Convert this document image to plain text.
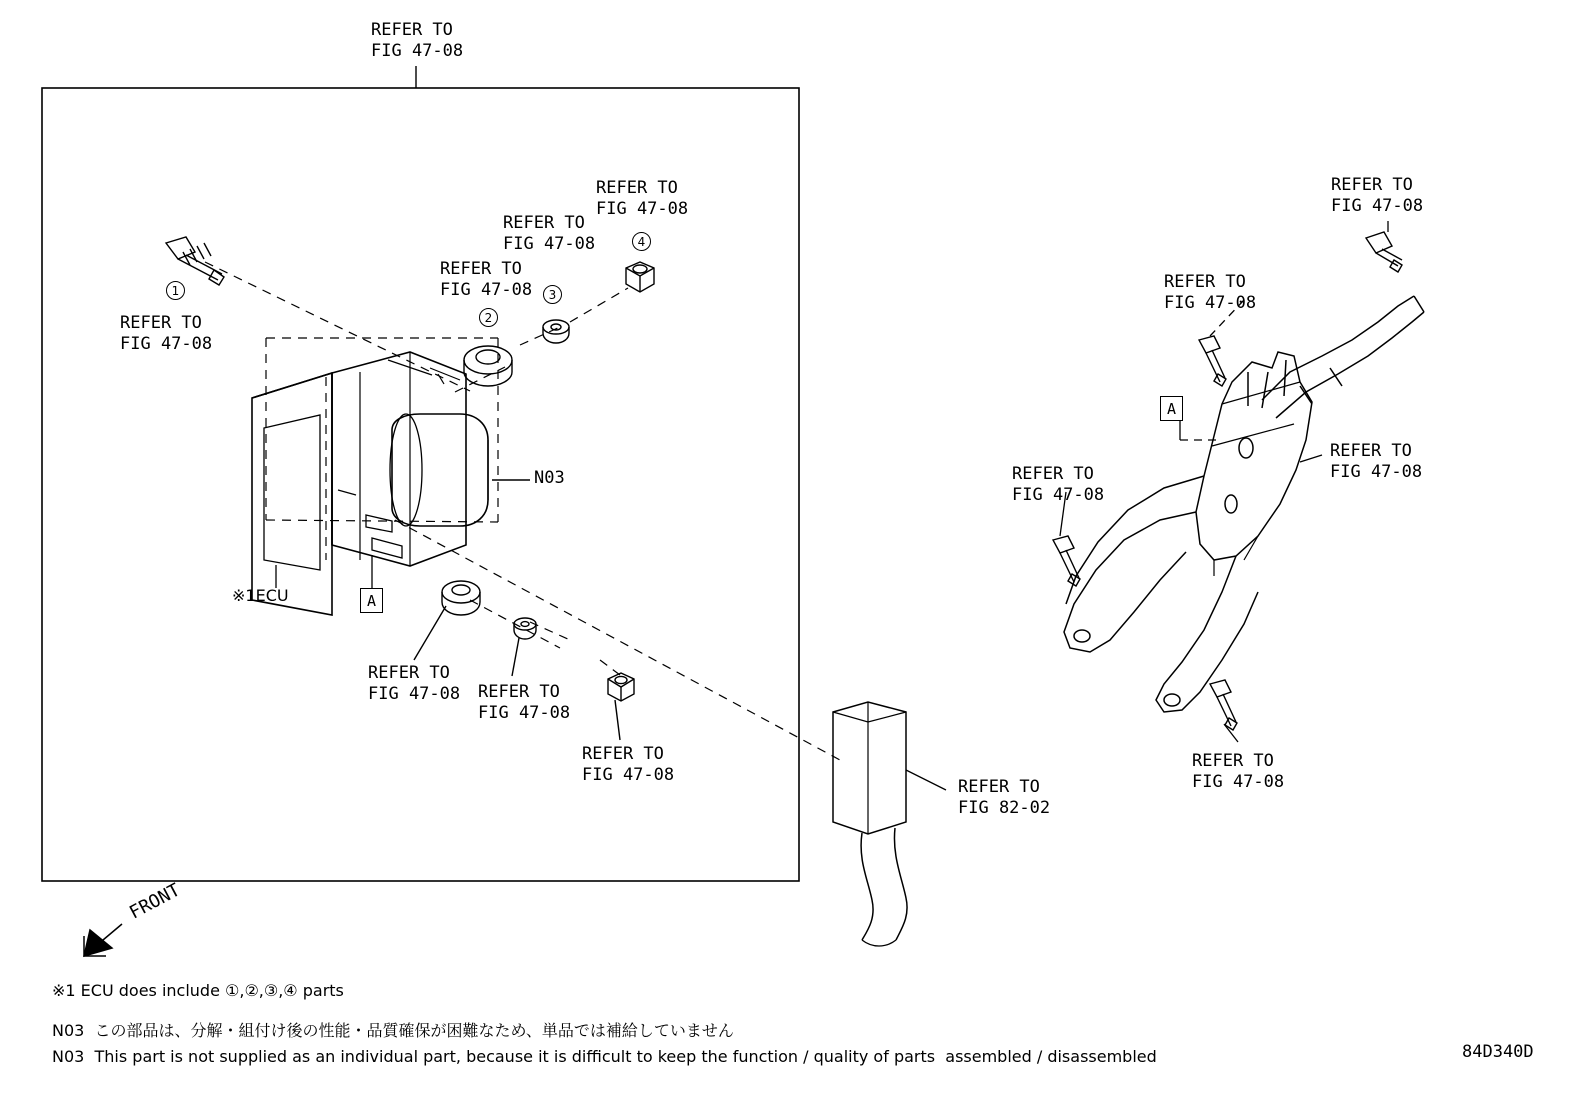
REFER TO
FIG 47-08
REFER TO
FIG 47-08
REFER TO
FIG 47-08
REFER TO
FIG 47-08
REFER TO
FIG 47-08
REFER TO
FIG 47-08 REFER TO
FIG 47-08
REFER TO
FIG 47-08
REFER TO
FIG 47-08
REFER TO
FIG 47-08
REFER TO
FIG 47-08
REFER TO
FIG 47-08
REFER TO
FIG 47-08
REFER TO
FIG 82-02
1
2
3
4
N03
※1ECU	A
A
FRONT
※1 ECU does include ①,②,③,④ parts
N03  この部品は、分解・組付け後の性能・品質確保が困難なため、単品では補給していません
N03  This part is not supplied as an individual part, because it is difficult to keep the function / quality of parts  assembled / disassembled	84D340D
